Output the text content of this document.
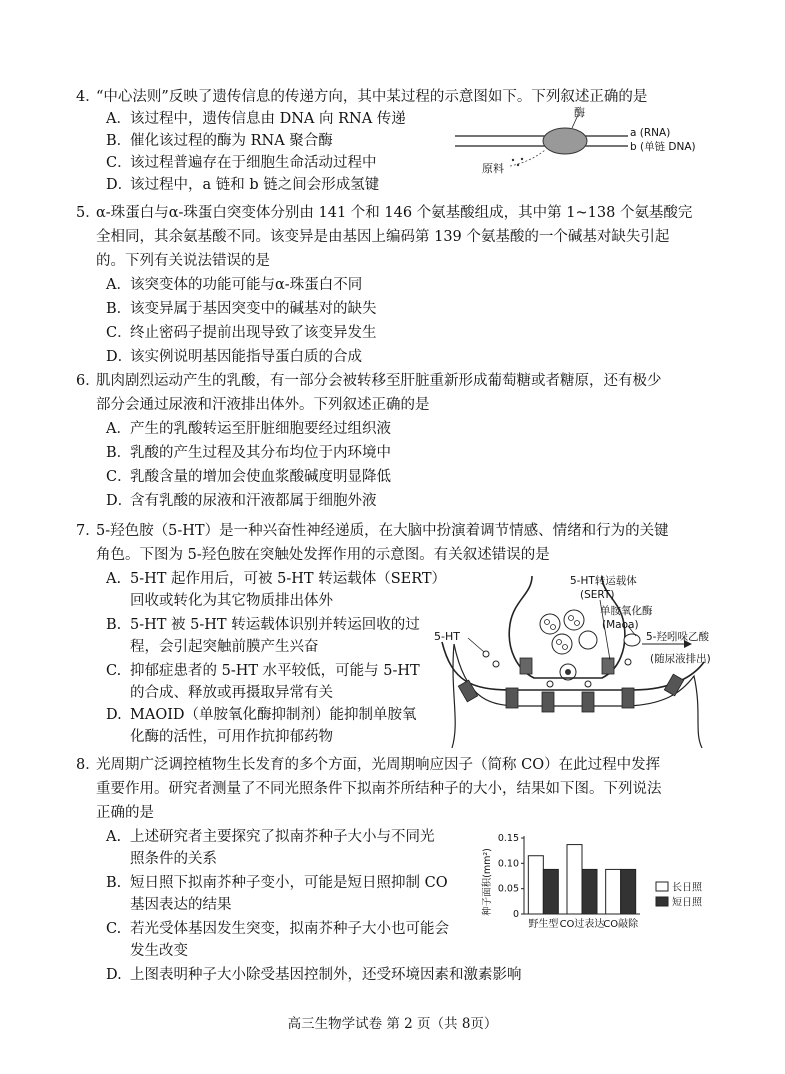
4．“中心法则”反映了遗传信息的传递方向，其中某过程的示意图如下。下列叙述正确的是
A．该过程中，遗传信息由 DNA 向 RNA 传递
B．催化该过程的酶为 RNA 聚合酶
C．该过程普遍存在于细胞生命活动过程中
D．该过程中，a 链和 b 链之间会形成氢键
酶
a (RNA)
b (单链 DNA)
原料
5．α-珠蛋白与α-珠蛋白突变体分别由 141 个和 146 个氨基酸组成，其中第 1~138 个氨基酸完
全相同，其余氨基酸不同。该变异是由基因上编码第 139 个氨基酸的一个碱基对缺失引起
的。下列有关说法错误的是
A．该突变体的功能可能与α-珠蛋白不同
B．该变异属于基因突变中的碱基对的缺失
C．终止密码子提前出现导致了该变异发生
D．该实例说明基因能指导蛋白质的合成
6．肌肉剧烈运动产生的乳酸，有一部分会被转移至肝脏重新形成葡萄糖或者糖原，还有极少
部分会通过尿液和汗液排出体外。下列叙述正确的是
A．产生的乳酸转运至肝脏细胞要经过组织液
B．乳酸的产生过程及其分布均位于内环境中
C．乳酸含量的增加会使血浆酸碱度明显降低
D．含有乳酸的尿液和汗液都属于细胞外液
7．5-羟色胺（5-HT）是一种兴奋性神经递质，在大脑中扮演着调节情感、情绪和行为的关键
角色。下图为 5-羟色胺在突触处发挥作用的示意图。有关叙述错误的是
A. 5-HT 起作用后，可被 5-HT 转运载体（SERT）
回收或转化为其它物质排出体外
B. 5-HT 被 5-HT 转运载体识别并转运回收的过
程，会引起突触前膜产生兴奋
C. 抑郁症患者的 5-HT 水平较低，可能与 5-HT
的合成、释放或再摄取异常有关
D. MAOID（单胺氧化酶抑制剂）能抑制单胺氧
化酶的活性，可用作抗抑郁药物
5-HT
5-HT转运载体
(SERT)
单胺氧化酶
(Maoa)
5-羟吲哚乙酸
(随尿液排出)
8．光周期广泛调控植物生长发育的多个方面，光周期响应因子（简称 CO）在此过程中发挥
重要作用。研究者测量了不同光照条件下拟南芥所结种子的大小，结果如下图。下列说法
正确的是
A. 上述研究者主要探究了拟南芥种子大小与不同光
照条件的关系
B. 短日照下拟南芥种子变小，可能是短日照抑制 CO
基因表达的结果
C. 若光受体基因发生突变，拟南芥种子大小也可能会
发生改变
D. 上图表明种子大小除受基因控制外，还受环境因素和激素影响
0
0.05
0.10
0.15
野生型 CO过表达
CO敲除
长日照
短日照
种子面积(mm²)
高三生物学试卷 第 2 页（共 8页）
